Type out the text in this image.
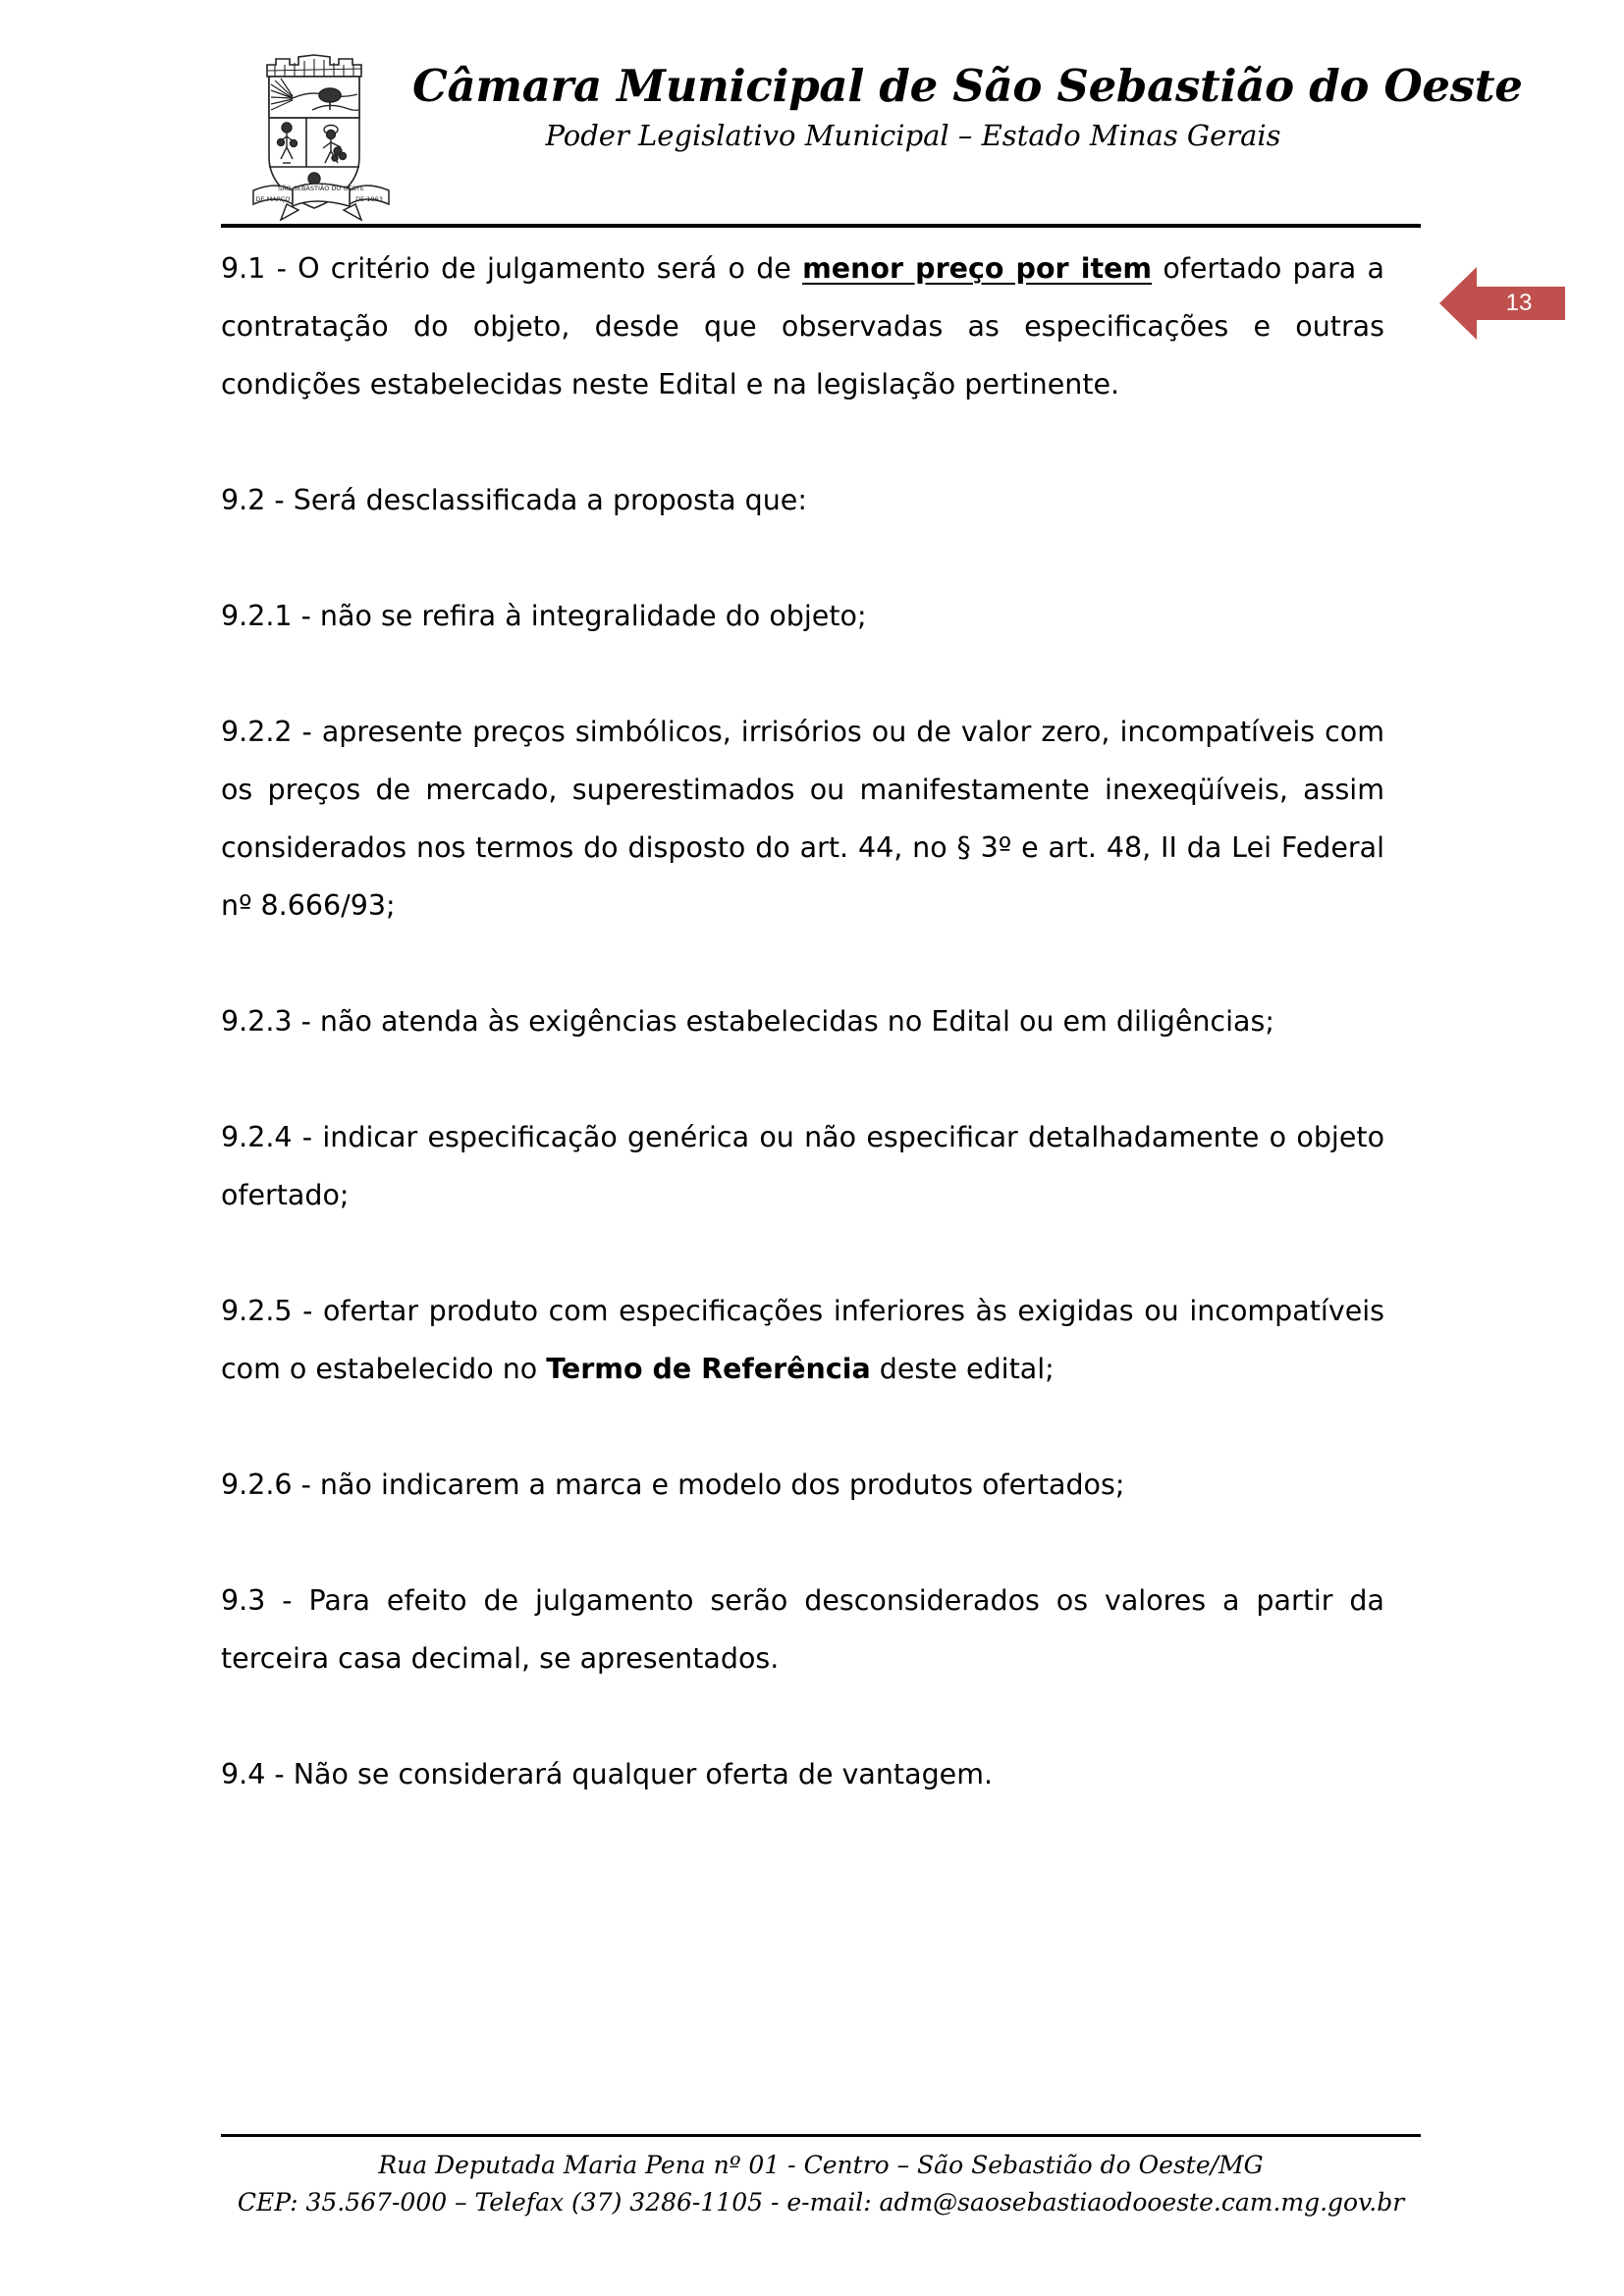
SÃO SEBASTIÃO DO OESTE
DE MARÇO	DE 1963
Câmara Municipal de São Sebastião do Oeste
Poder Legislativo Municipal – Estado Minas Gerais
13

9.1 - O critério de julgamento será o de menor preço por item ofertado para a contratação do objeto, desde que observadas as especificações e outras condições estabelecidas neste Edital e na legislação pertinente.

9.2 - Será desclassificada a proposta que:

9.2.1 - não se refira à integralidade do objeto;

9.2.2 - apresente preços simbólicos, irrisórios ou de valor zero, incompatíveis com os preços de mercado, superestimados ou manifestamente inexeqüíveis, assim considerados nos termos do disposto do art. 44, no § 3º e art. 48, II da Lei Federal nº 8.666/93;

9.2.3 - não atenda às exigências estabelecidas no Edital ou em diligências;

9.2.4 - indicar especificação genérica ou não especificar detalhadamente o objeto ofertado;

9.2.5 - ofertar produto com especificações inferiores às exigidas ou incompatíveis com o estabelecido no Termo de Referência deste edital;

9.2.6 - não indicarem a marca e modelo dos produtos ofertados;

9.3 - Para efeito de julgamento serão desconsiderados os valores a partir da terceira casa decimal, se apresentados.

9.4 - Não se considerará qualquer oferta de vantagem.

Rua Deputada Maria Pena nº 01 - Centro – São Sebastião do Oeste/MG
CEP: 35.567-000 – Telefax (37) 3286-1105 - e-mail: adm@saosebastiaodooeste.cam.mg.gov.br
